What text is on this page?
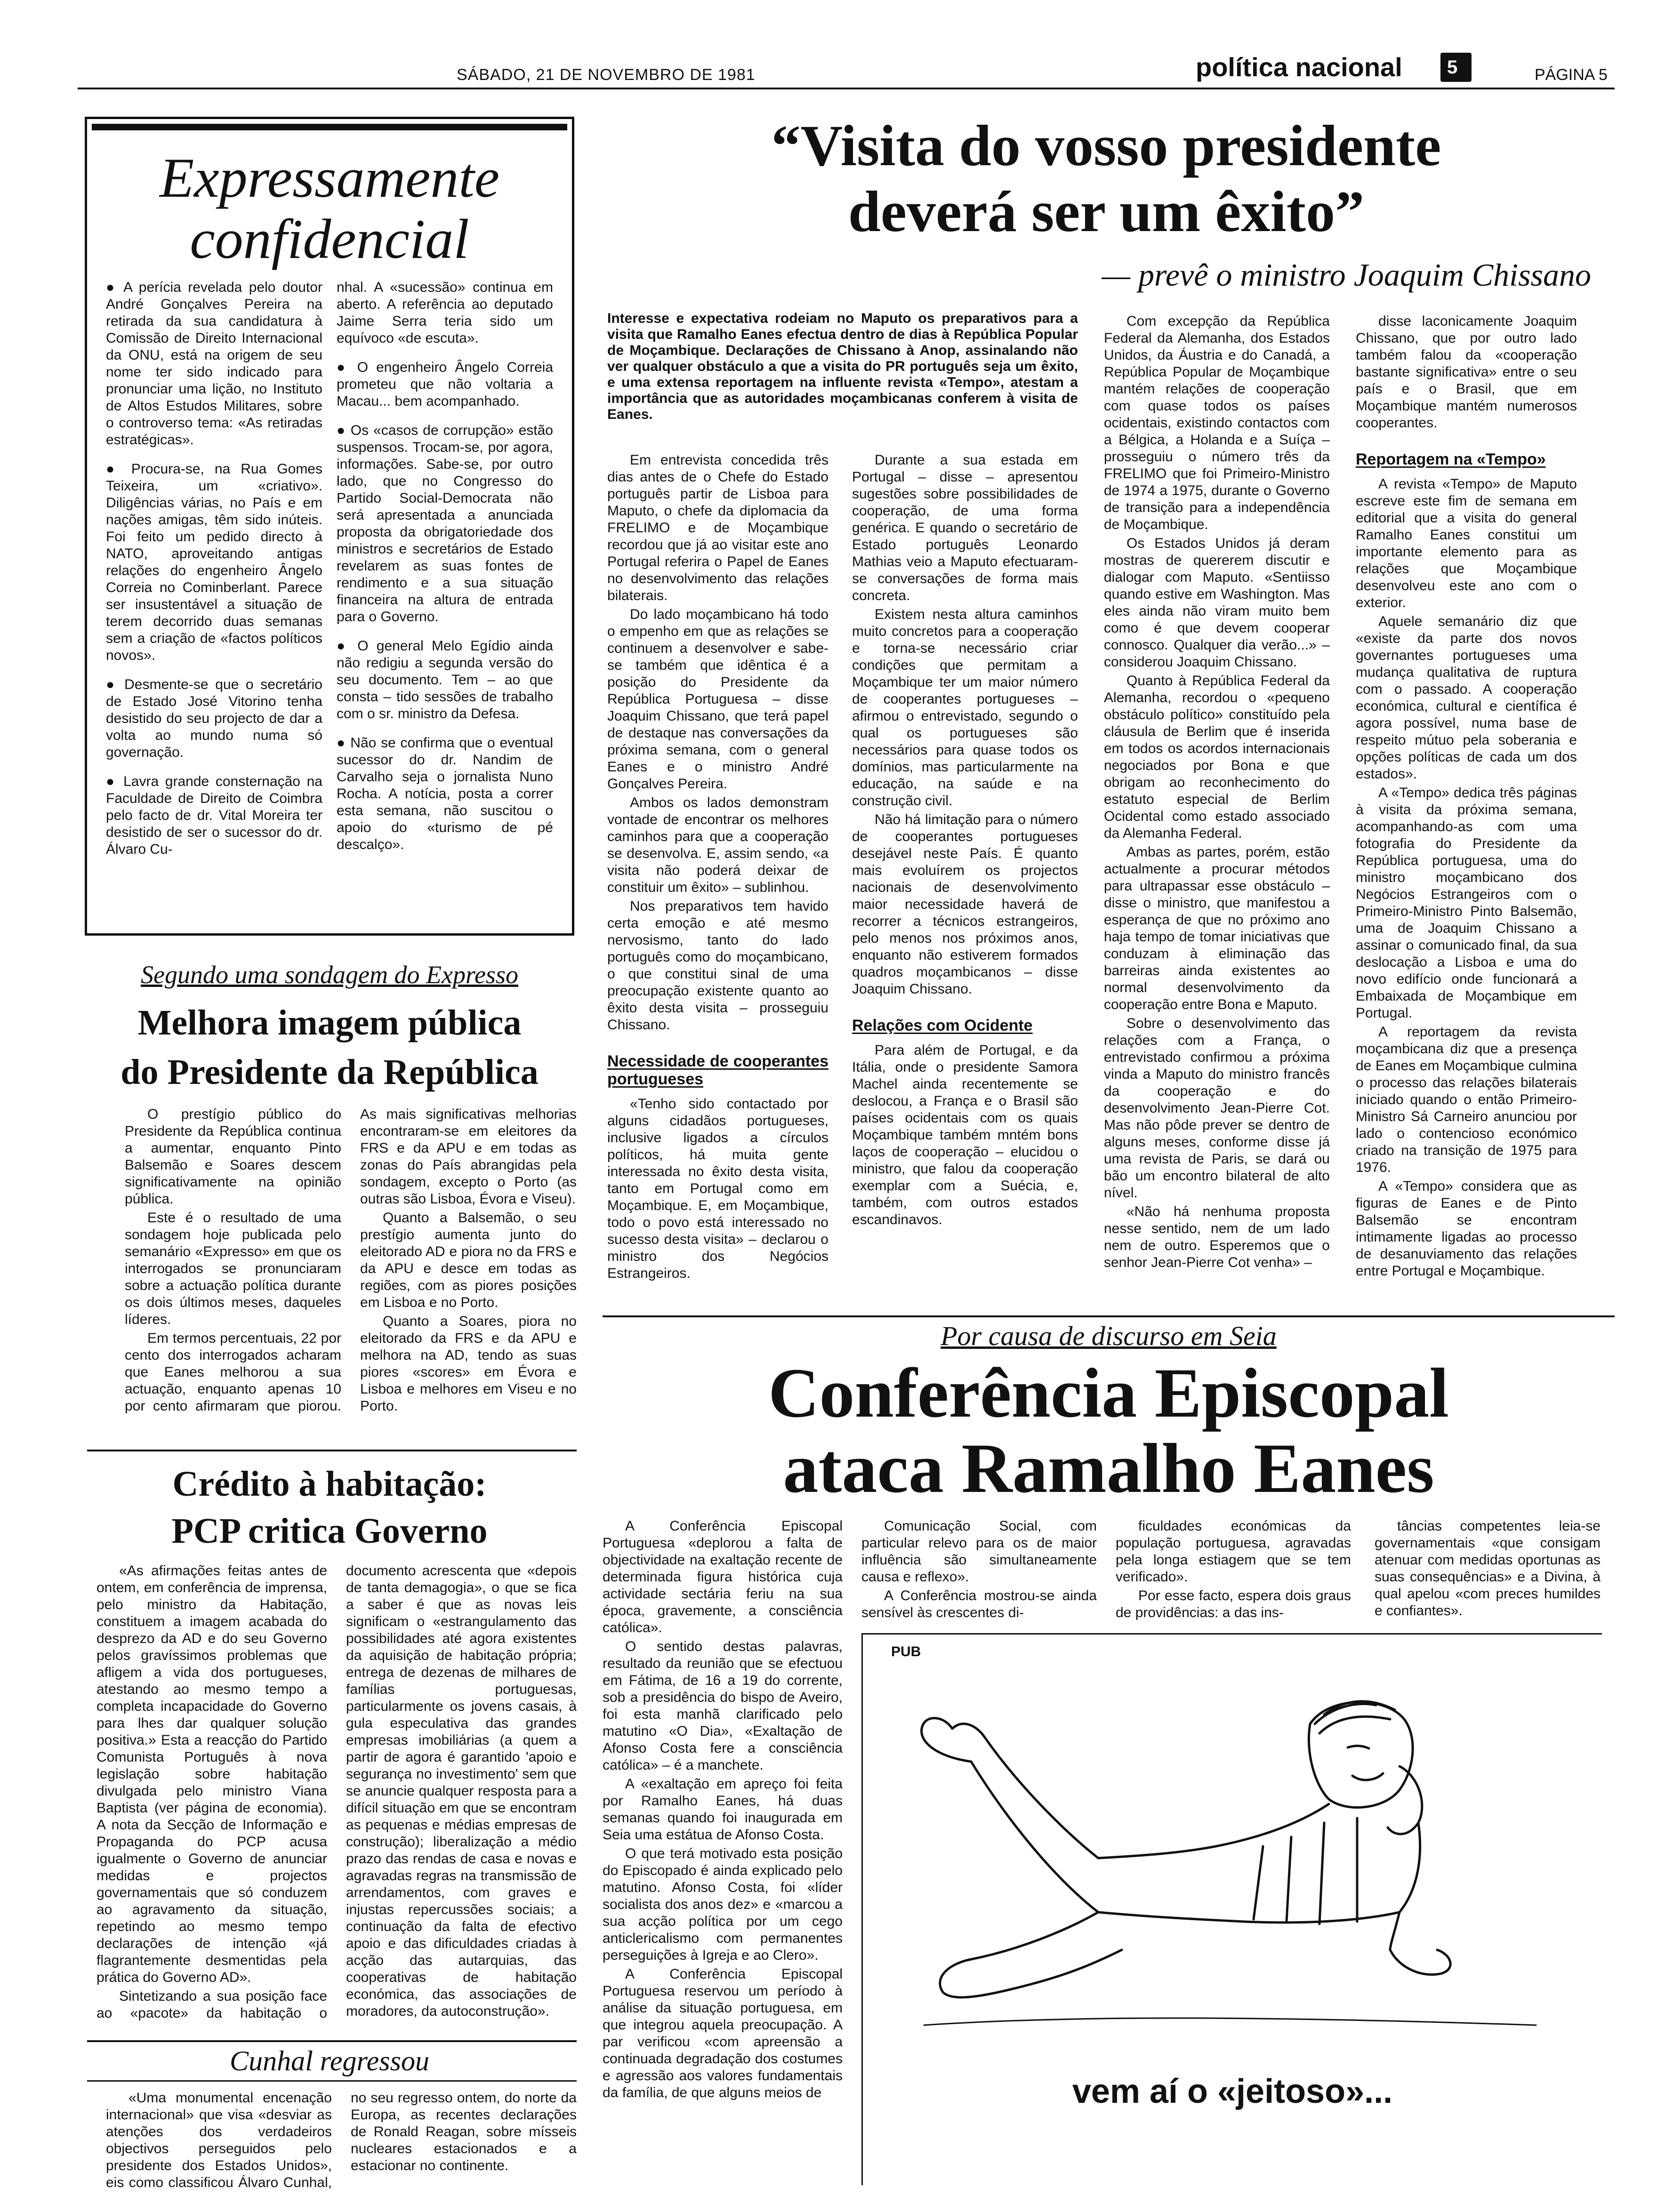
SÁBADO, 21 DE NOVEMBRO DE 1981	política nacional 5	PÁGINA 5
Expressamente
confidencial

● A perícia revelada pelo doutor André Gonçalves Pereira na retirada da sua candidatura à Comissão de Direito Internacional da ONU, está na origem de seu nome ter sido indicado para pronunciar uma lição, no Instituto de Altos Estudos Militares, sobre o controverso tema: «As retiradas estratégicas».

● Procura-se, na Rua Gomes Teixeira, um «criativo». Diligências várias, no País e em nações amigas, têm sido inúteis. Foi feito um pedido directo à NATO, aproveitando antigas relações do engenheiro Ângelo Correia no Cominberlant. Parece ser insustentável a situação de terem decorrido duas semanas sem a criação de «factos políticos novos».

● Desmente-se que o secretário de Estado José Vitorino tenha desistido do seu projecto de dar a volta ao mundo numa só governação.

● Lavra grande consternação na Faculdade de Direito de Coimbra pelo facto de dr. Vital Moreira ter desistido de ser o sucessor do dr. Álvaro Cu-

nhal. A «sucessão» continua em aberto. A referência ao deputado Jaime Serra teria sido um equívoco «de escuta».

● O engenheiro Ângelo Correia prometeu que não voltaria a Macau... bem acompanhado.

● Os «casos de corrupção» estão suspensos. Trocam-se, por agora, informações. Sabe-se, por outro lado, que no Congresso do Partido Social-Democrata não será apresentada a anunciada proposta da obrigatoriedade dos ministros e secretários de Estado revelarem as suas fontes de rendimento e a sua situação financeira na altura de entrada para o Governo.

● O general Melo Egídio ainda não redigiu a segunda versão do seu documento. Tem – ao que consta – tido sessões de trabalho com o sr. ministro da Defesa.

● Não se confirma que o eventual sucessor do dr. Nandim de Carvalho seja o jornalista Nuno Rocha. A notícia, posta a correr esta semana, não suscitou o apoio do «turismo de pé descalço».

Segundo uma sondagem do Expresso
Melhora imagem pública
do Presidente da República

O prestígio público do Presidente da República continua a aumentar, enquanto Pinto Balsemão e Soares descem significativamente na opinião pública.

Este é o resultado de uma sondagem hoje publicada pelo semanário «Expresso» em que os interrogados se pronunciaram sobre a actuação política durante os dois últimos meses, daqueles líderes.

Em termos percentuais, 22 por cento dos interrogados acharam que Eanes melhorou a sua actuação, enquanto apenas 10 por cento afirmaram que piorou. As mais significativas melhorias encontraram-se em eleitores da FRS e da APU e em todas as zonas do País abrangidas pela sondagem, excepto o Porto (as outras são Lisboa, Évora e Viseu).

Quanto a Balsemão, o seu prestígio aumenta junto do eleitorado AD e piora no da FRS e da APU e desce em todas as regiões, com as piores posições em Lisboa e no Porto.

Quanto a Soares, piora no eleitorado da FRS e da APU e melhora na AD, tendo as suas piores «scores» em Évora e Lisboa e melhores em Viseu e no Porto.

Crédito à habitação:
PCP critica Governo

«As afirmações feitas antes de ontem, em conferência de imprensa, pelo ministro da Habitação, constituem a imagem acabada do desprezo da AD e do seu Governo pelos gravíssimos problemas que afligem a vida dos portugueses, atestando ao mesmo tempo a completa incapacidade do Governo para lhes dar qualquer solução positiva.» Esta a reacção do Partido Comunista Português à nova legislação sobre habitação divulgada pelo ministro Viana Baptista (ver página de economia). A nota da Secção de Informação e Propaganda do PCP acusa igualmente o Governo de anunciar medidas e projectos governamentais que só conduzem ao agravamento da situação, repetindo ao mesmo tempo declarações de intenção «já flagrantemente desmentidas pela prática do Governo AD».

Sintetizando a sua posição face ao «pacote» da habitação o documento acrescenta que «depois de tanta demagogia», o que se fica a saber é que as novas leis significam o «estrangulamento das possibilidades até agora existentes da aquisição de habitação própria; entrega de dezenas de milhares de famílias portuguesas, particularmente os jovens casais, à gula especulativa das grandes empresas imobiliárias (a quem a partir de agora é garantido 'apoio e segurança no investimento' sem que se anuncie qualquer resposta para a difícil situação em que se encontram as pequenas e médias empresas de construção); liberalização a médio prazo das rendas de casa e novas e agravadas regras na transmissão de arrendamentos, com graves e injustas repercussões sociais; a continuação da falta de efectivo apoio e das dificuldades criadas à acção das autarquias, das cooperativas de habitação económica, das associações de moradores, da autoconstrução».

Cunhal regressou

«Uma monumental encenação internacional» que visa «desviar as atenções dos verdadeiros objectivos perseguidos pelo presidente dos Estados Unidos», eis como classificou Álvaro Cunhal, no seu regresso ontem, do norte da Europa, as recentes declarações de Ronald Reagan, sobre mísseis nucleares estacionados e a estacionar no continente.

“Visita do vosso presidente
deverá ser um êxito”
— prevê o ministro Joaquim Chissano
Interesse e expectativa rodeiam no Maputo os preparativos para a visita que Ramalho Eanes efectua dentro de dias à República Popular de Moçambique. Declarações de Chissano à Anop, assinalando não ver qualquer obstáculo a que a visita do PR português seja um êxito, e uma extensa reportagem na influente revista «Tempo», atestam a importância que as autoridades moçambicanas conferem à visita de Eanes.

Em entrevista concedida três dias antes de o Chefe do Estado português partir de Lisboa para Maputo, o chefe da diplomacia da FRELIMO e de Moçambique recordou que já ao visitar este ano Portugal referira o Papel de Eanes no desenvolvimento das relações bilaterais.

Do lado moçambicano há todo o empenho em que as relações se continuem a desenvolver e sabe-se também que idêntica é a posição do Presidente da República Portuguesa – disse Joaquim Chissano, que terá papel de destaque nas conversações da próxima semana, com o general Eanes e o ministro André Gonçalves Pereira.

Ambos os lados demonstram vontade de encontrar os melhores caminhos para que a cooperação se desenvolva. E, assim sendo, «a visita não poderá deixar de constituir um êxito» – sublinhou.

Nos preparativos tem havido certa emoção e até mesmo nervosismo, tanto do lado português como do moçambicano, o que constitui sinal de uma preocupação existente quanto ao êxito desta visita – prosseguiu Chissano.

Necessidade de cooperantes portugueses

«Tenho sido contactado por alguns cidadãos portugueses, inclusive ligados a círculos políticos, há muita gente interessada no êxito desta visita, tanto em Portugal como em Moçambique. E, em Moçambique, todo o povo está interessado no sucesso desta visita» – declarou o ministro dos Negócios Estrangeiros.

Durante a sua estada em Portugal – disse – apresentou sugestões sobre possibilidades de cooperação, de uma forma genérica. E quando o secretário de Estado português Leonardo Mathias veio a Maputo efectuaram-se conversações de forma mais concreta.

Existem nesta altura caminhos muito concretos para a cooperação e torna-se necessário criar condições que permitam a Moçambique ter um maior número de cooperantes portugueses – afirmou o entrevistado, segundo o qual os portugueses são necessários para quase todos os domínios, mas particularmente na educação, na saúde e na construção civil.

Não há limitação para o número de cooperantes portugueses desejável neste País. É quanto mais evoluírem os projectos nacionais de desenvolvimento maior necessidade haverá de recorrer a técnicos estrangeiros, pelo menos nos próximos anos, enquanto não estiverem formados quadros moçambicanos – disse Joaquim Chissano.

Relações com Ocidente

Para além de Portugal, e da Itália, onde o presidente Samora Machel ainda recentemente se deslocou, a França e o Brasil são países ocidentais com os quais Moçambique também mntém bons laços de cooperação – elucidou o ministro, que falou da cooperação exemplar com a Suécia, e, também, com outros estados escandinavos.

Com excepção da República Federal da Alemanha, dos Estados Unidos, da Áustria e do Canadá, a República Popular de Moçambique mantém relações de cooperação com quase todos os países ocidentais, existindo contactos com a Bélgica, a Holanda e a Suíça – prosseguiu o número três da FRELIMO que foi Primeiro-Ministro de 1974 a 1975, durante o Governo de transição para a independência de Moçambique.

Os Estados Unidos já deram mostras de quererem discutir e dialogar com Maputo. «Sentiisso quando estive em Washington. Mas eles ainda não viram muito bem como é que devem cooperar connosco. Qualquer dia verão...» – considerou Joaquim Chissano.

Quanto à República Federal da Alemanha, recordou o «pequeno obstáculo político» constituído pela cláusula de Berlim que é inserida em todos os acordos internacionais negociados por Bona e que obrigam ao reconhecimento do estatuto especial de Berlim Ocidental como estado associado da Alemanha Federal.

Ambas as partes, porém, estão actualmente a procurar métodos para ultrapassar esse obstáculo – disse o ministro, que manifestou a esperança de que no próximo ano haja tempo de tomar iniciativas que conduzam à eliminação das barreiras ainda existentes ao normal desenvolvimento da cooperação entre Bona e Maputo.

Sobre o desenvolvimento das relações com a França, o entrevistado confirmou a próxima vinda a Maputo do ministro francês da cooperação e do desenvolvimento Jean-Pierre Cot. Mas não pôde prever se dentro de alguns meses, conforme disse já uma revista de Paris, se dará ou bão um encontro bilateral de alto nível.

«Não há nenhuma proposta nesse sentido, nem de um lado nem de outro. Esperemos que o senhor Jean-Pierre Cot venha» –

disse laconicamente Joaquim Chissano, que por outro lado também falou da «cooperação bastante significativa» entre o seu país e o Brasil, que em Moçambique mantém numerosos cooperantes.

Reportagem na «Tempo»

A revista «Tempo» de Maputo escreve este fim de semana em editorial que a visita do general Ramalho Eanes constitui um importante elemento para as relações que Moçambique desenvolveu este ano com o exterior.

Aquele semanário diz que «existe da parte dos novos governantes portugueses uma mudança qualitativa de ruptura com o passado. A cooperação económica, cultural e científica é agora possível, numa base de respeito mútuo pela soberania e opções políticas de cada um dos estados».

A «Tempo» dedica três páginas à visita da próxima semana, acompanhando-as com uma fotografia do Presidente da República portuguesa, uma do ministro moçambicano dos Negócios Estrangeiros com o Primeiro-Ministro Pinto Balsemão, uma de Joaquim Chissano a assinar o comunicado final, da sua deslocação a Lisboa e uma do novo edifício onde funcionará a Embaixada de Moçambique em Portugal.

A reportagem da revista moçambicana diz que a presença de Eanes em Moçambique culmina o processo das relações bilaterais iniciado quando o então Primeiro-Ministro Sá Carneiro anunciou por lado o contencioso económico criado na transição de 1975 para 1976.

A «Tempo» considera que as figuras de Eanes e de Pinto Balsemão se encontram intimamente ligadas ao processo de desanuviamento das relações entre Portugal e Moçambique.

Por causa de discurso em Seia
Conferência Episcopal
ataca Ramalho Eanes

A Conferência Episcopal Portuguesa «deplorou a falta de objectividade na exaltação recente de determinada figura histórica cuja actividade sectária feriu na sua época, gravemente, a consciência católica».

O sentido destas palavras, resultado da reunião que se efectuou em Fátima, de 16 a 19 do corrente, sob a presidência do bispo de Aveiro, foi esta manhã clarificado pelo matutino «O Dia», «Exaltação de Afonso Costa fere a consciência católica» – é a manchete.

A «exaltação em apreço foi feita por Ramalho Eanes, há duas semanas quando foi inaugurada em Seia uma estátua de Afonso Costa.

O que terá motivado esta posição do Episcopado é ainda explicado pelo matutino. Afonso Costa, foi «líder socialista dos anos dez» e «marcou a sua acção política por um cego anticlericalismo com permanentes perseguições à Igreja e ao Clero».

A Conferência Episcopal Portuguesa reservou um período à análise da situação portuguesa, em que integrou aquela preocupação. A par verificou «com apreensão a continuada degradação dos costumes e agressão aos valores fundamentais da família, de que alguns meios de

Comunicação Social, com particular relevo para os de maior influência são simultaneamente causa e reflexo».

A Conferência mostrou-se ainda sensível às crescentes di-

ficuldades económicas da população portuguesa, agravadas pela longa estiagem que se tem verificado».

Por esse facto, espera dois graus de providências: a das ins-

tâncias competentes leia-se governamentais «que consigam atenuar com medidas oportunas as suas consequências» e a Divina, à qual apelou «com preces humildes e confiantes».

PUB
vem aí o «jeitoso»...
